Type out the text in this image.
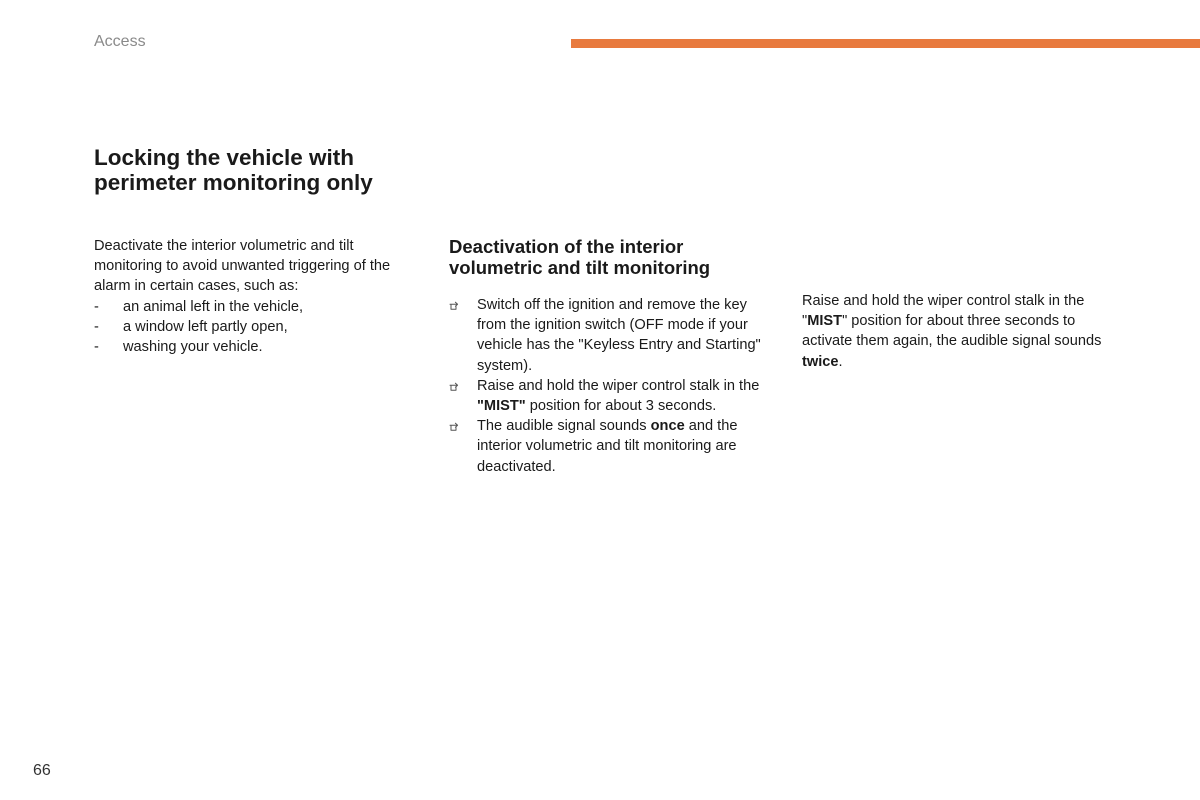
Access
Locking the vehicle with perimeter monitoring only

Deactivate the interior volumetric and tilt monitoring to avoid unwanted triggering of the alarm in certain cases, such as:

- an animal left in the vehicle,
- a window left partly open,
- washing your vehicle.
Deactivation of the interior volumetric and tilt monitoring
Switch off the ignition and remove the key from the ignition switch (OFF mode if your vehicle has the "Keyless Entry and Starting" system).
Raise and hold the wiper control stalk in the "MIST" position for about 3 seconds.
The audible signal sounds once and the interior volumetric and tilt monitoring are deactivated.

Raise and hold the wiper control stalk in the "MIST" position for about three seconds to activate them again, the audible signal sounds twice.

66
